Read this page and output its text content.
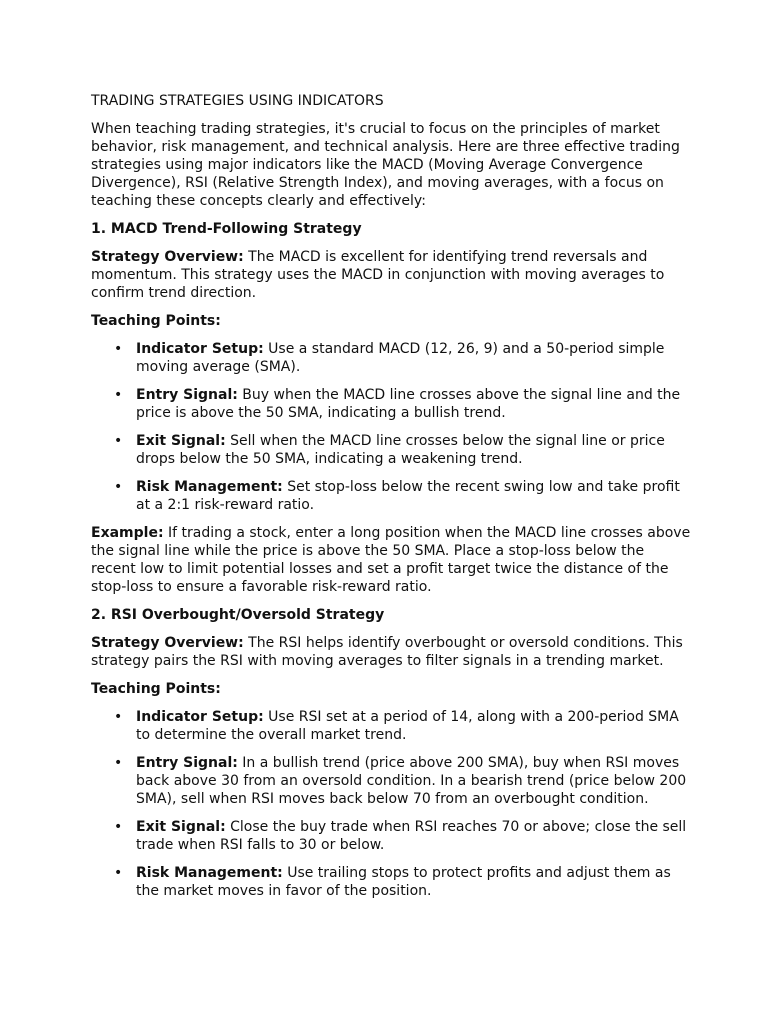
TRADING STRATEGIES USING INDICATORS

When teaching trading strategies, it's crucial to focus on the principles of market behavior, risk management, and technical analysis. Here are three effective trading strategies using major indicators like the MACD (Moving Average Convergence Divergence), RSI (Relative Strength Index), and moving averages, with a focus on teaching these concepts clearly and effectively:

1. MACD Trend-Following Strategy

Strategy Overview: The MACD is excellent for identifying trend reversals and momentum. This strategy uses the MACD in conjunction with moving averages to confirm trend direction.

Teaching Points:

• Indicator Setup: Use a standard MACD (12, 26, 9) and a 50-period simple moving average (SMA).
• Entry Signal: Buy when the MACD line crosses above the signal line and the price is above the 50 SMA, indicating a bullish trend.
• Exit Signal: Sell when the MACD line crosses below the signal line or price drops below the 50 SMA, indicating a weakening trend.
• Risk Management: Set stop-loss below the recent swing low and take profit at a 2:1 risk-reward ratio.

Example: If trading a stock, enter a long position when the MACD line crosses above the signal line while the price is above the 50 SMA. Place a stop-loss below the recent low to limit potential losses and set a profit target twice the distance of the stop-loss to ensure a favorable risk-reward ratio.

2. RSI Overbought/Oversold Strategy

Strategy Overview: The RSI helps identify overbought or oversold conditions. This strategy pairs the RSI with moving averages to filter signals in a trending market.

Teaching Points:

• Indicator Setup: Use RSI set at a period of 14, along with a 200-period SMA to determine the overall market trend.
• Entry Signal: In a bullish trend (price above 200 SMA), buy when RSI moves back above 30 from an oversold condition. In a bearish trend (price below 200 SMA), sell when RSI moves back below 70 from an overbought condition.
• Exit Signal: Close the buy trade when RSI reaches 70 or above; close the sell trade when RSI falls to 30 or below.
• Risk Management: Use trailing stops to protect profits and adjust them as the market moves in favor of the position.
